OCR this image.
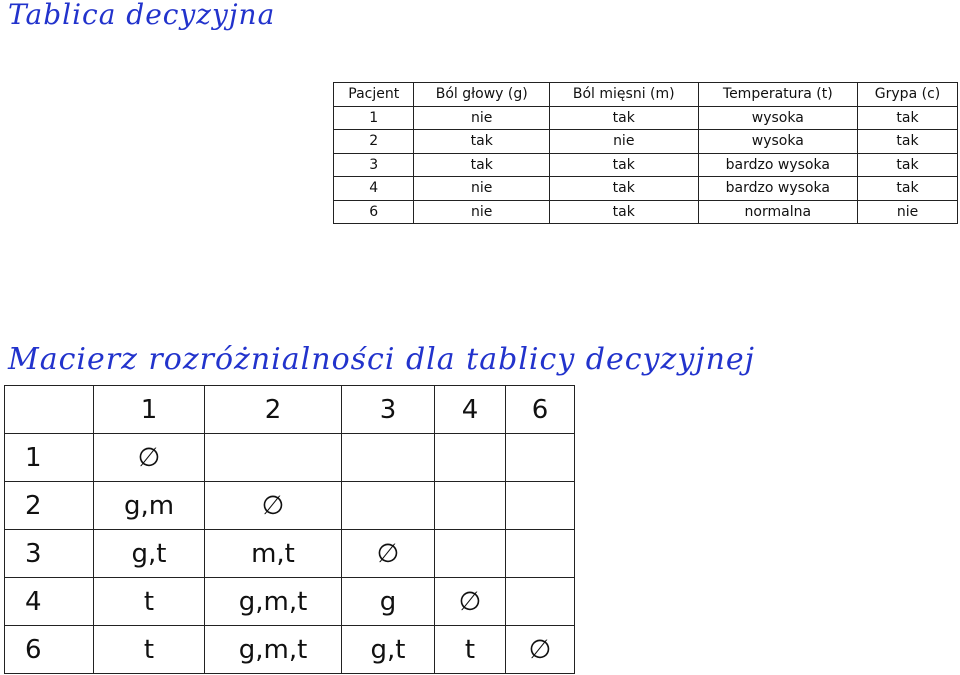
Tablica decyzyjna
Pacjent	Ból głowy (g)	Ból mięsni (m)	Temperatura (t)	Grypa (c)
1	nie	tak	wysoka	tak
2	tak	nie	wysoka	tak
3	tak	tak	bardzo wysoka	tak
4	nie	tak	bardzo wysoka	tak
6	nie	tak	normalna	nie
Macierz rozróżnialności dla tablicy decyzyjnej
	1	2	3	4	6
1	∅				
2	g,m	∅			
3	g,t	m,t	∅		
4	t	g,m,t	g	∅	
6	t	g,m,t	g,t	t	∅
